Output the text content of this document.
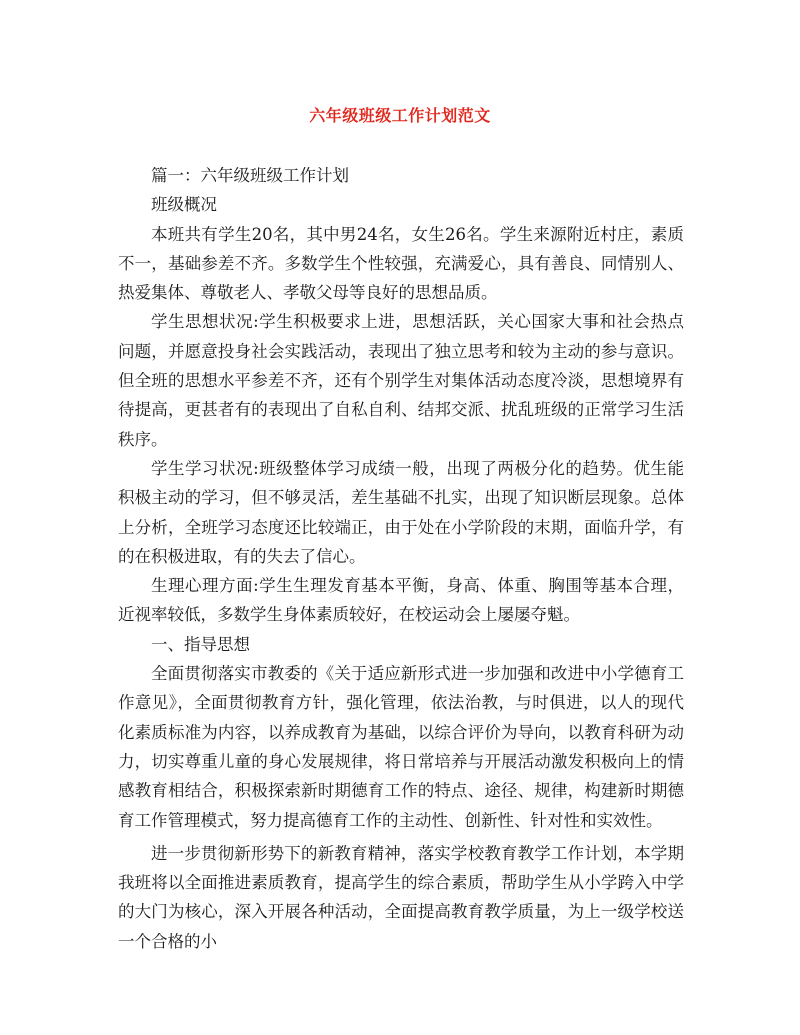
六年级班级工作计划范文

篇一：六年级班级工作计划

班级概况

本班共有学生20名，其中男24名，女生26名。学生来源附近村庄，素质不一，基础参差不齐。多数学生个性较强，充满爱心，具有善良、同情别人、热爱集体、尊敬老人、孝敬父母等良好的思想品质。

学生思想状况:学生积极要求上进，思想活跃，关心国家大事和社会热点问题，并愿意投身社会实践活动，表现出了独立思考和较为主动的参与意识。但全班的思想水平参差不齐，还有个别学生对集体活动态度冷淡，思想境界有待提高，更甚者有的表现出了自私自利、结邦交派、扰乱班级的正常学习生活秩序。

学生学习状况:班级整体学习成绩一般，出现了两极分化的趋势。优生能积极主动的学习，但不够灵活，差生基础不扎实，出现了知识断层现象。总体上分析，全班学习态度还比较端正，由于处在小学阶段的末期，面临升学，有的在积极进取，有的失去了信心。

生理心理方面:学生生理发育基本平衡，身高、体重、胸围等基本合理，近视率较低，多数学生身体素质较好，在校运动会上屡屡夺魁。

一、指导思想

全面贯彻落实市教委的《关于适应新形式进一步加强和改进中小学德育工作意见》，全面贯彻教育方针，强化管理，依法治教，与时俱进，以人的现代化素质标准为内容，以养成教育为基础，以综合评价为导向，以教育科研为动力，切实尊重儿童的身心发展规律，将日常培养与开展活动激发积极向上的情感教育相结合，积极探索新时期德育工作的特点、途径、规律，构建新时期德育工作管理模式，努力提高德育工作的主动性、创新性、针对性和实效性。

进一步贯彻新形势下的新教育精神，落实学校教育教学工作计划，本学期我班将以全面推进素质教育，提高学生的综合素质，帮助学生从小学跨入中学的大门为核心，深入开展各种活动，全面提高教育教学质量，为上一级学校送一个合格的小
